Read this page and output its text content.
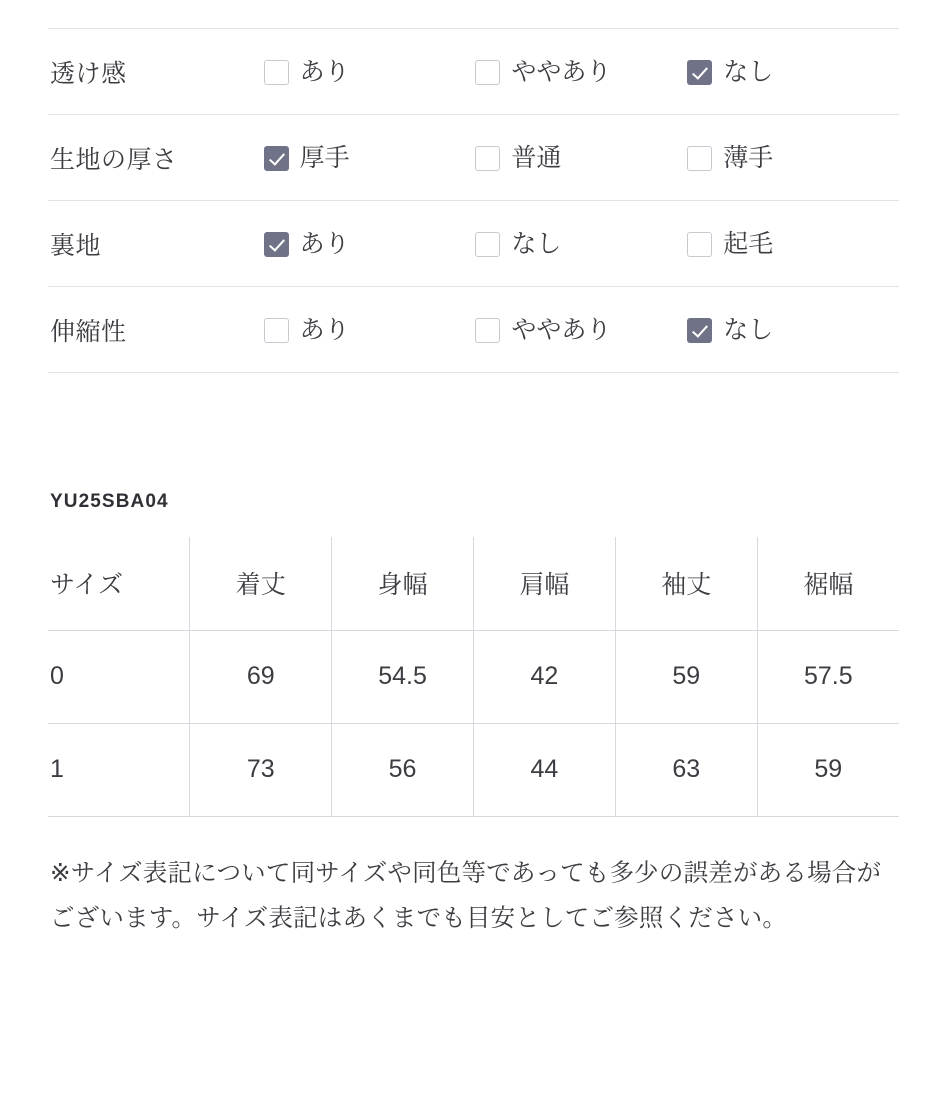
透け感	あり	ややあり	なし

生地の厚さ	厚手	普通	薄手

裏地	あり	なし	起毛

伸縮性	あり	ややあり	なし
YU25SBA04
サイズ	着丈	身幅	肩幅	袖丈	裾幅
0	69	54.5	42	59	57.5
1	73	56	44	63	59
※サイズ表記について同サイズや同色等であっても多少の誤差がある場合がございます。サイズ表記はあくまでも目安としてご参照ください。
